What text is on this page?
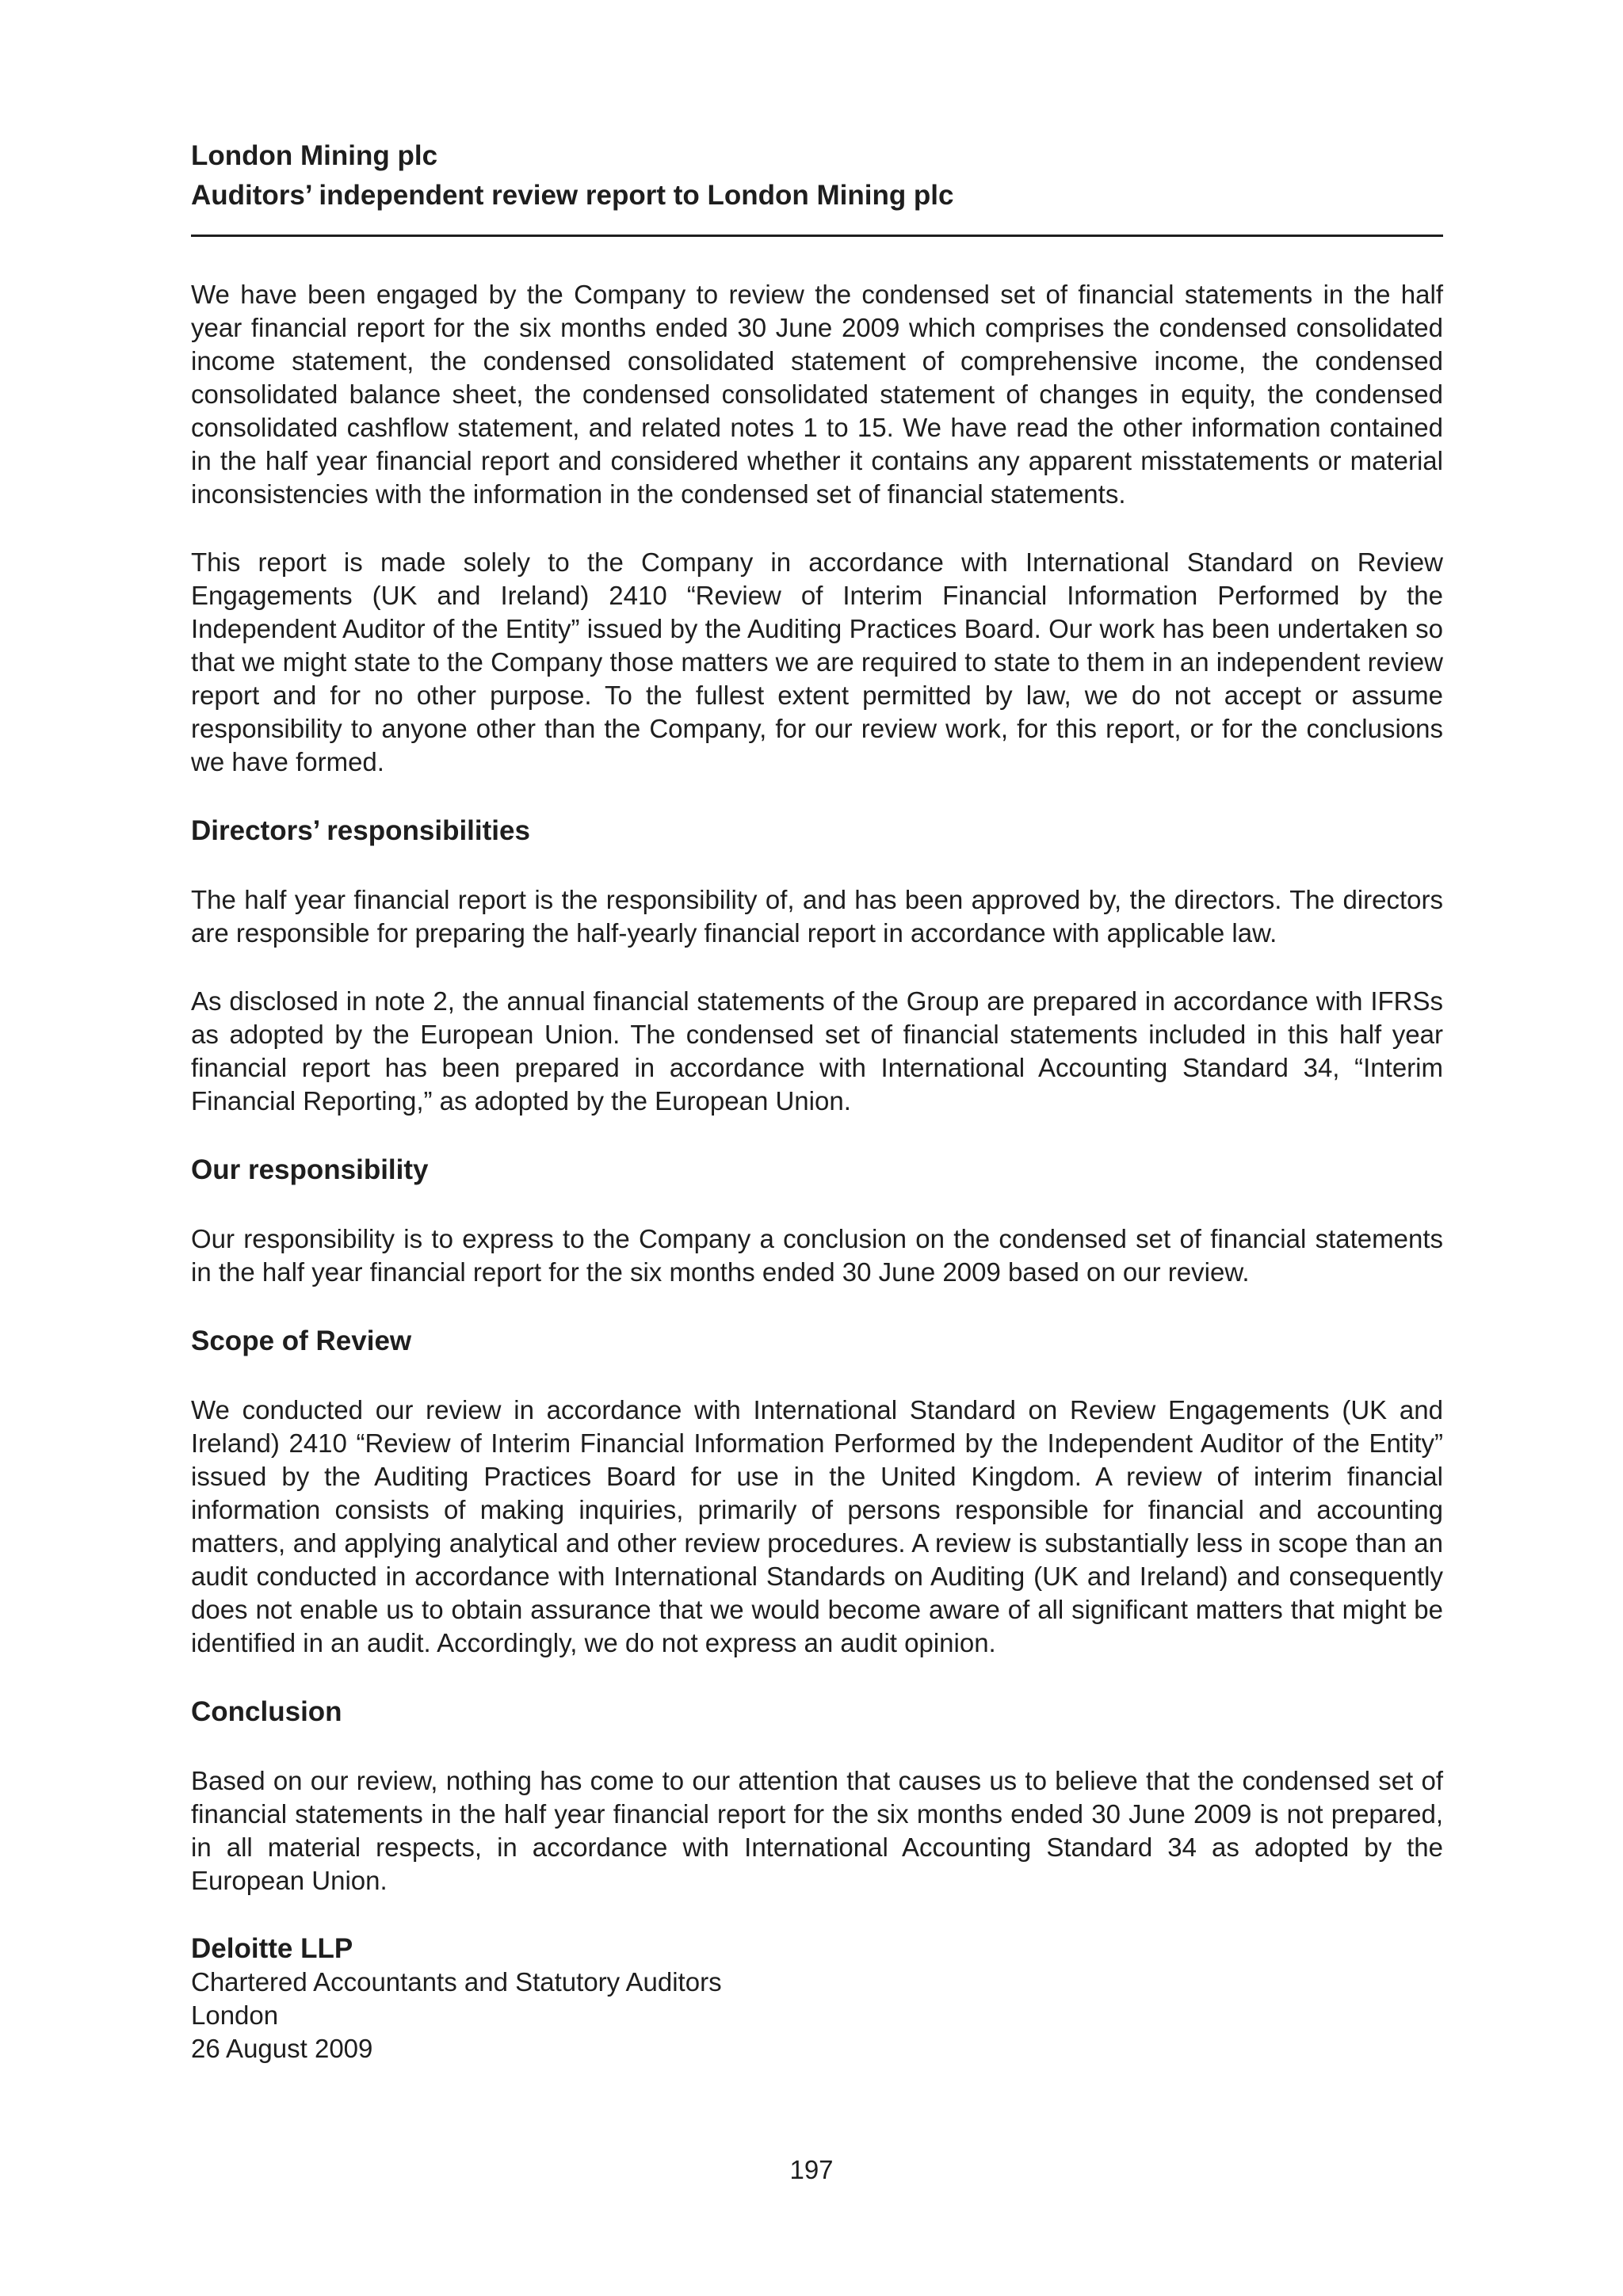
London Mining plc

Auditors’ independent review report to London Mining plc

We have been engaged by the Company to review the condensed set of financial statements in the half year financial report for the six months ended 30 June 2009 which comprises the condensed consolidated income statement, the condensed consolidated statement of comprehensive income, the condensed consolidated balance sheet, the condensed consolidated statement of changes in equity, the condensed consolidated cashflow statement, and related notes 1 to 15. We have read the other information contained in the half year financial report and considered whether it contains any apparent misstatements or material inconsistencies with the information in the condensed set of financial statements.

This report is made solely to the Company in accordance with International Standard on Review Engagements (UK and Ireland) 2410 “Review of Interim Financial Information Performed by the Independent Auditor of the Entity” issued by the Auditing Practices Board. Our work has been undertaken so that we might state to the Company those matters we are required to state to them in an independent review report and for no other purpose. To the fullest extent permitted by law, we do not accept or assume responsibility to anyone other than the Company, for our review work, for this report, or for the conclusions we have formed.

Directors’ responsibilities

The half year financial report is the responsibility of, and has been approved by, the directors. The directors are responsible for preparing the half-yearly financial report in accordance with applicable law.

As disclosed in note 2, the annual financial statements of the Group are prepared in accordance with IFRSs as adopted by the European Union. The condensed set of financial statements included in this half year financial report has been prepared in accordance with International Accounting Standard 34, “Interim Financial Reporting,” as adopted by the European Union.

Our responsibility

Our responsibility is to express to the Company a conclusion on the condensed set of financial statements in the half year financial report for the six months ended 30 June 2009 based on our review.

Scope of Review

We conducted our review in accordance with International Standard on Review Engagements (UK and Ireland) 2410 “Review of Interim Financial Information Performed by the Independent Auditor of the Entity” issued by the Auditing Practices Board for use in the United Kingdom. A review of interim financial information consists of making inquiries, primarily of persons responsible for financial and accounting matters, and applying analytical and other review procedures. A review is substantially less in scope than an audit conducted in accordance with International Standards on Auditing (UK and Ireland) and consequently does not enable us to obtain assurance that we would become aware of all significant matters that might be identified in an audit. Accordingly, we do not express an audit opinion.

Conclusion

Based on our review, nothing has come to our attention that causes us to believe that the condensed set of financial statements in the half year financial report for the six months ended 30 June 2009 is not prepared, in all material respects, in accordance with International Accounting Standard 34 as adopted by the European Union.

Deloitte LLP

Chartered Accountants and Statutory Auditors

London

26 August 2009

197
